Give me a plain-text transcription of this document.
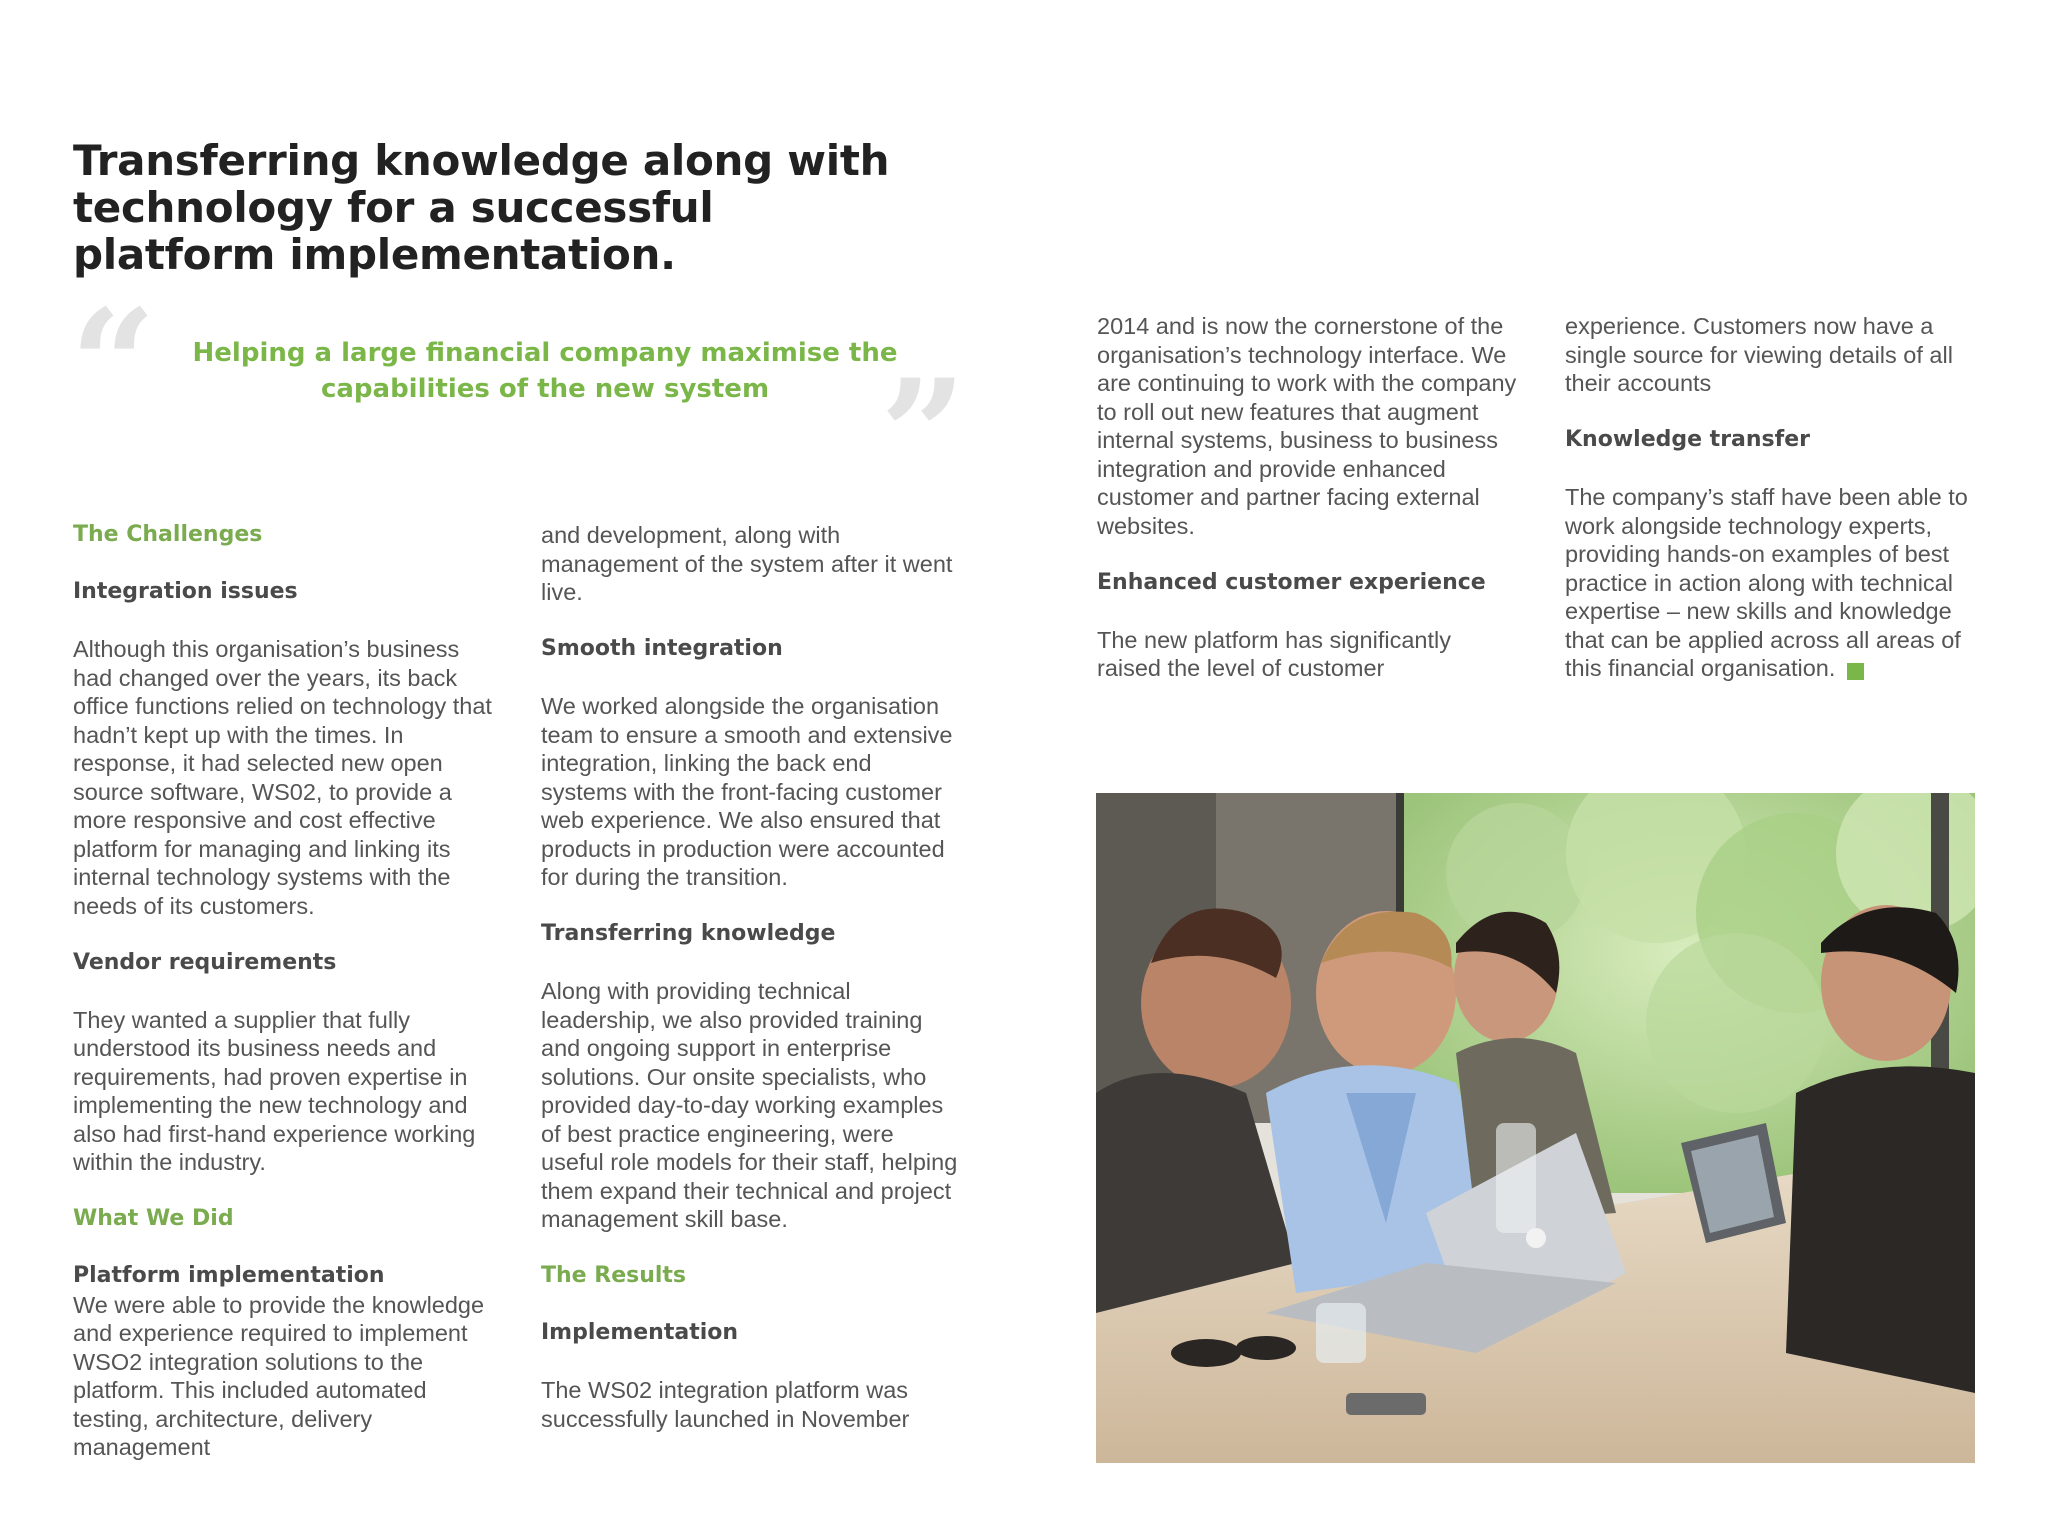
Transferring knowledge along with technology for a successful platform implementation.
“	Helping a large financial company maximise the capabilities of the new system ”
The Challenges
Integration issues

Although this organisation’s business had changed over the years, its back office functions relied on technology that hadn’t kept up with the times. In response, it had selected new open source software, WS02, to provide a more responsive and cost effective platform for managing and linking its internal technology systems with the needs of its customers.

Vendor requirements

They wanted a supplier that fully understood its business needs and requirements, had proven expertise in implementing the new technology and also had first-hand experience working within the industry.

What We Did
Platform implementation

We were able to provide the knowledge and experience required to implement WSO2 integration solutions to the platform. This included automated testing, architecture, delivery management

and development, along with management of the system after it went live.

Smooth integration

We worked alongside the organisation team to ensure a smooth and extensive integration, linking the back end systems with the front-facing customer web experience. We also ensured that products in production were accounted for during the transition.

Transferring knowledge

Along with providing technical leadership, we also provided training and ongoing support in enterprise solutions. Our onsite specialists, who provided day-to-day working examples of best practice engineering, were useful role models for their staff, helping them expand their technical and project management skill base.

The Results
Implementation

The WS02 integration platform was successfully launched in November

2014 and is now the cornerstone of the organisation’s technology interface. We are continuing to work with the company to roll out new features that augment internal systems, business to business integration and provide enhanced customer and partner facing external websites.

Enhanced customer experience

The new platform has significantly raised the level of customer

experience. Customers now have a single source for viewing details of all their accounts

Knowledge transfer

The company’s staff have been able to work alongside technology experts, providing hands-on examples of best practice in action along with technical expertise – new skills and knowledge that can be applied across all areas of this financial organisation.
